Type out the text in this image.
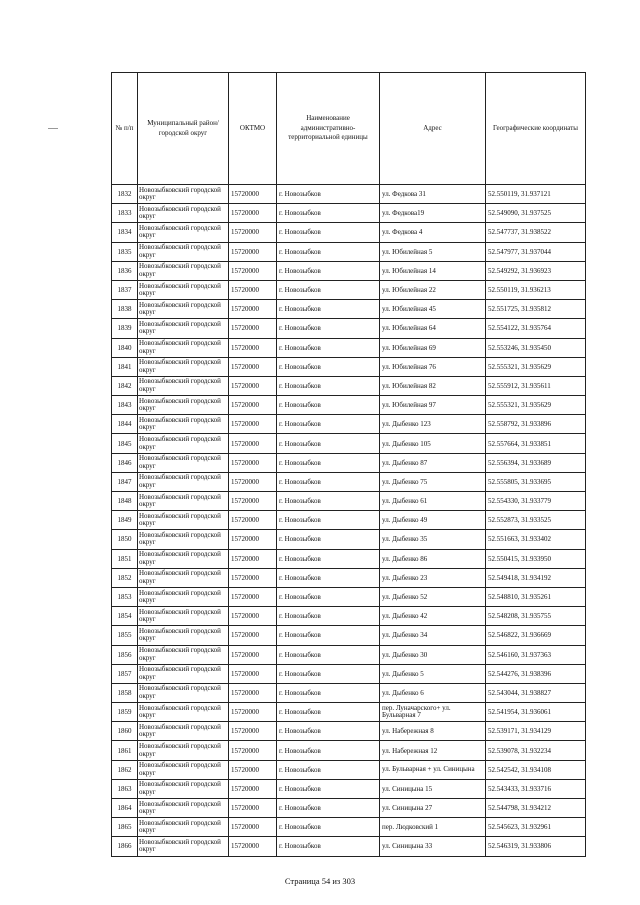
№ п/п	Муниципальный район/городской округ	ОКТМО	Наименование административно-территориальной единицы	Адрес	Географические координаты
1832	Новозыбковский городской округ	15720000	г. Новозыбков	ул. Федкова 31	52.550119, 31.937121
1833	Новозыбковский городской округ	15720000	г. Новозыбков	ул. Федкова19	52.549090, 31.937525
1834	Новозыбковский городской округ	15720000	г. Новозыбков	ул. Федкова 4	52.547737, 31.938522
1835	Новозыбковский городской округ	15720000	г. Новозыбков	ул. Юбилейная 5	52.547977, 31.937044
1836	Новозыбковский городской округ	15720000	г. Новозыбков	ул. Юбилейная 14	52.549292, 31.936923
1837	Новозыбковский городской округ	15720000	г. Новозыбков	ул. Юбилейная 22	52.550119, 31.936213
1838	Новозыбковский городской округ	15720000	г. Новозыбков	ул. Юбилейная 45	52.551725, 31.935812
1839	Новозыбковский городской округ	15720000	г. Новозыбков	ул. Юбилейная 64	52.554122, 31.935764
1840	Новозыбковский городской округ	15720000	г. Новозыбков	ул. Юбилейная 69	52.553246, 31.935450
1841	Новозыбковский городской округ	15720000	г. Новозыбков	ул. Юбилейная 76	52.555321, 31.935629
1842	Новозыбковский городской округ	15720000	г. Новозыбков	ул. Юбилейная 82	52.555912, 31.935611
1843	Новозыбковский городской округ	15720000	г. Новозыбков	ул. Юбилейная 97	52.555321, 31.935629
1844	Новозыбковский городской округ	15720000	г. Новозыбков	ул. Дыбенко 123	52.558792, 31.933896
1845	Новозыбковский городской округ	15720000	г. Новозыбков	ул. Дыбенко 105	52.557664, 31.933851
1846	Новозыбковский городской округ	15720000	г. Новозыбков	ул. Дыбенко 87	52.556394, 31.933689
1847	Новозыбковский городской округ	15720000	г. Новозыбков	ул. Дыбенко 75	52.555805, 31.933695
1848	Новозыбковский городской округ	15720000	г. Новозыбков	ул. Дыбенко 61	52.554330, 31.933779
1849	Новозыбковский городской округ	15720000	г. Новозыбков	ул. Дыбенко 49	52.552873, 31.933525
1850	Новозыбковский городской округ	15720000	г. Новозыбков	ул. Дыбенко 35	52.551663, 31.933402
1851	Новозыбковский городской округ	15720000	г. Новозыбков	ул. Дыбенко 86	52.550415, 31.933950
1852	Новозыбковский городской округ	15720000	г. Новозыбков	ул. Дыбенко 23	52.549418, 31.934192
1853	Новозыбковский городской округ	15720000	г. Новозыбков	ул. Дыбенко 52	52.548810, 31.935261
1854	Новозыбковский городской округ	15720000	г. Новозыбков	ул. Дыбенко 42	52.548208, 31.935755
1855	Новозыбковский городской округ	15720000	г. Новозыбков	ул. Дыбенко 34	52.546822, 31.936669
1856	Новозыбковский городской округ	15720000	г. Новозыбков	ул. Дыбенко 30	52.546160, 31.937363
1857	Новозыбковский городской округ	15720000	г. Новозыбков	ул. Дыбенко 5	52.544276, 31.938396
1858	Новозыбковский городской округ	15720000	г. Новозыбков	ул. Дыбенко 6	52.543044, 31.938827
1859	Новозыбковский городской округ	15720000	г. Новозыбков	пер. Луначарского+ ул. Бульварная 7	52.541954, 31.936061
1860	Новозыбковский городской округ	15720000	г. Новозыбков	ул. Набережная 8	52.539171, 31.934129
1861	Новозыбковский городской округ	15720000	г. Новозыбков	ул. Набережная 12	52.539078, 31.932234
1862	Новозыбковский городской округ	15720000	г. Новозыбков	ул. Бульварная + ул. Синицына	52.542542, 31.934108
1863	Новозыбковский городской округ	15720000	г. Новозыбков	ул. Синицына 15	52.543433, 31.933716
1864	Новозыбковский городской округ	15720000	г. Новозыбков	ул. Синицына 27	52.544798, 31.934212
1865	Новозыбковский городской округ	15720000	г. Новозыбков	пер. Людковский 1	52.545623, 31.932961
1866	Новозыбковский городской округ	15720000	г. Новозыбков	ул. Синицына 33	52.546319, 31.933806
Страница 54 из 303
